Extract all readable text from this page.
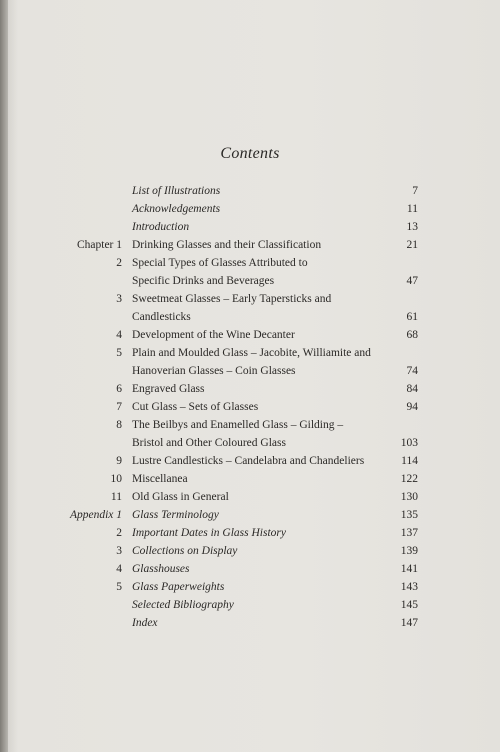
Contents
List of Illustrations	7
Acknowledgements	11
Introduction	13
Chapter 1 Drinking Glasses and their Classification	21
2 Special Types of Glasses Attributed to
Specific Drinks and Beverages	47
3 Sweetmeat Glasses – Early Tapersticks and
Candlesticks	61
4 Development of the Wine Decanter	68
5 Plain and Moulded Glass – Jacobite, Williamite and
Hanoverian Glasses – Coin Glasses	74
6 Engraved Glass	84
7 Cut Glass – Sets of Glasses	94
8 The Beilbys and Enamelled Glass – Gilding –
Bristol and Other Coloured Glass	103
9 Lustre Candlesticks – Candelabra and Chandeliers	114
10 Miscellanea	122
11 Old Glass in General	130
Appendix 1 Glass Terminology	135
2 Important Dates in Glass History	137
3 Collections on Display	139
4 Glasshouses	141
5 Glass Paperweights	143
Selected Bibliography	145
Index	147
